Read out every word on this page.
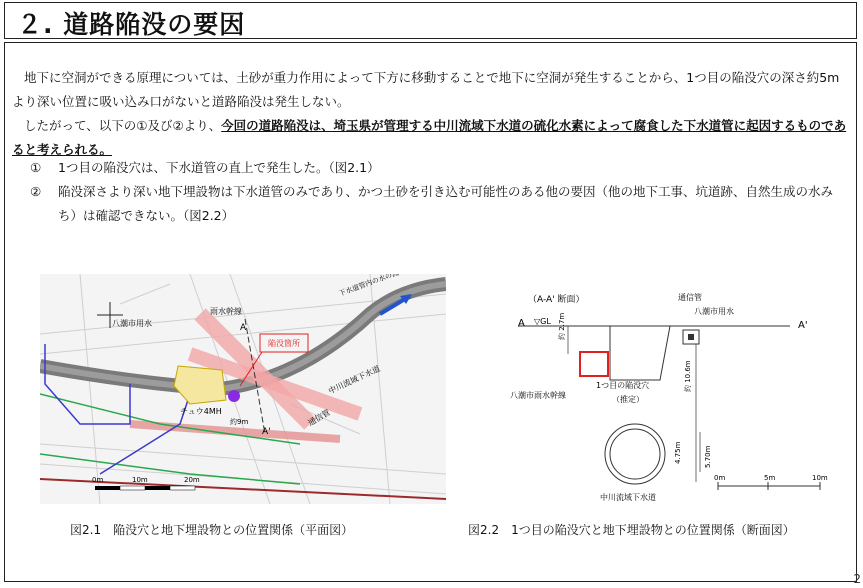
２. 道路陥没の要因

地下に空洞ができる原理については、土砂が重力作用によって下方に移動することで地下に空洞が発生することから、1つ目の陥没穴の深さ約5mより深い位置に吸い込み口がないと道路陥没は発生しない。

したがって、以下の①及び②より、今回の道路陥没は、埼玉県が管理する中川流域下水道の硫化水素によって腐食した下水道管に起因するものであると考えられる。

① 1つ目の陥没穴は、下水道管の直上で発生した。（図2.1）
② 陥没深さより深い地下埋設物は下水道管のみであり、かつ土砂を引き込む可能性のある他の要因（他の地下工事、坑道跡、自然生成の水みち）は確認できない。（図2.2）
八潮市用水
雨水幹線
陥没箇所
中川流域下水道
通信管
チュウ4MH
約9m
A
A'
0m	10m	20m
図2.1　陥没穴と地下埋設物との位置関係（平面図）
（A-A' 断面）
A	A'
▽GL
通信管
八潮市用水
約 2.7m
八潮市雨水幹線
1つ目の陥没穴
（推定）
約 10.6m
4.75m	5.70m
中川流域下水道
0m	5m	10m
図2.2　1つ目の陥没穴と地下埋設物との位置関係（断面図）
2
